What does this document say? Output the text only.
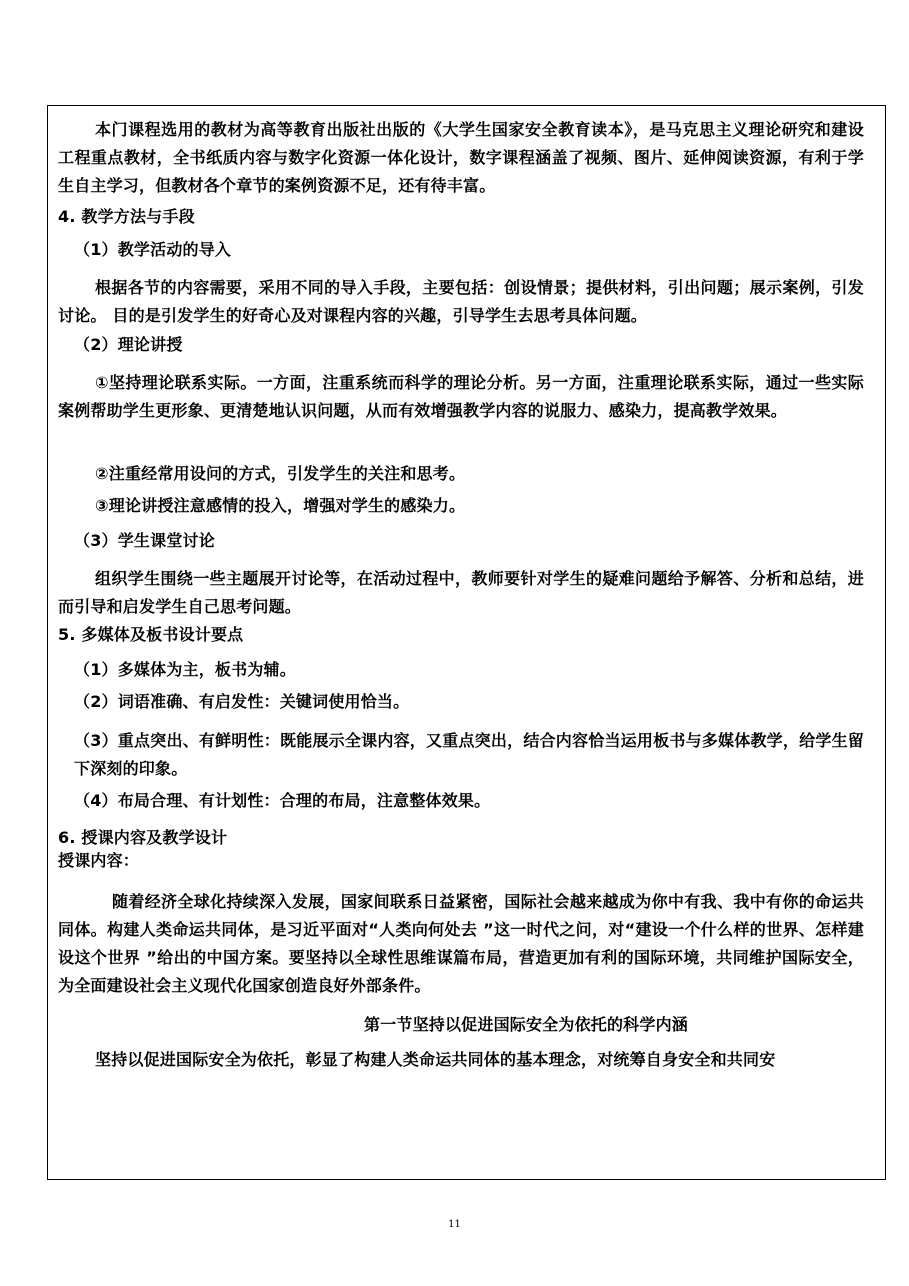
本门课程选用的教材为高等教育出版社出版的《大学生国家安全教育读本》，是马克思主义理论研究和建设工程重点教材，全书纸质内容与数字化资源一体化设计，数字课程涵盖了视频、图片、延伸阅读资源，有利于学生自主学习，但教材各个章节的案例资源不足，还有待丰富。

4. 教学方法与手段

（1）教学活动的导入

根据各节的内容需要，采用不同的导入手段，主要包括：创设情景；提供材料，引出问题；展示案例，引发讨论。 目的是引发学生的好奇心及对课程内容的兴趣，引导学生去思考具体问题。

（2）理论讲授

①坚持理论联系实际。一方面，注重系统而科学的理论分析。另一方面，注重理论联系实际，通过一些实际案例帮助学生更形象、更清楚地认识问题，从而有效增强教学内容的说服力、感染力，提高教学效果。

②注重经常用设问的方式，引发学生的关注和思考。

③理论讲授注意感情的投入，增强对学生的感染力。

（3）学生课堂讨论

组织学生围绕一些主题展开讨论等，在活动过程中，教师要针对学生的疑难问题给予解答、分析和总结，进而引导和启发学生自己思考问题。

5. 多媒体及板书设计要点

（1）多媒体为主，板书为辅。

（2）词语准确、有启发性：关键词使用恰当。

（3）重点突出、有鲜明性：既能展示全课内容，又重点突出，结合内容恰当运用板书与多媒体教学，给学生留下深刻的印象。

（4）布局合理、有计划性：合理的布局，注意整体效果。

6. 授课内容及教学设计

授课内容：

随着经济全球化持续深入发展，国家间联系日益紧密，国际社会越来越成为你中有我、我中有你的命运共同体。构建人类命运共同体，是习近平面对“人类向何处去 ”这一时代之问，对“建设一个什么样的世界、怎样建设这个世界 ”给出的中国方案。要坚持以全球性思维谋篇布局，营造更加有利的国际环境，共同维护国际安全，为全面建设社会主义现代化国家创造良好外部条件。

第一节坚持以促进国际安全为依托的科学内涵

坚持以促进国际安全为依托，彰显了构建人类命运共同体的基本理念，对统筹自身安全和共同安

11
